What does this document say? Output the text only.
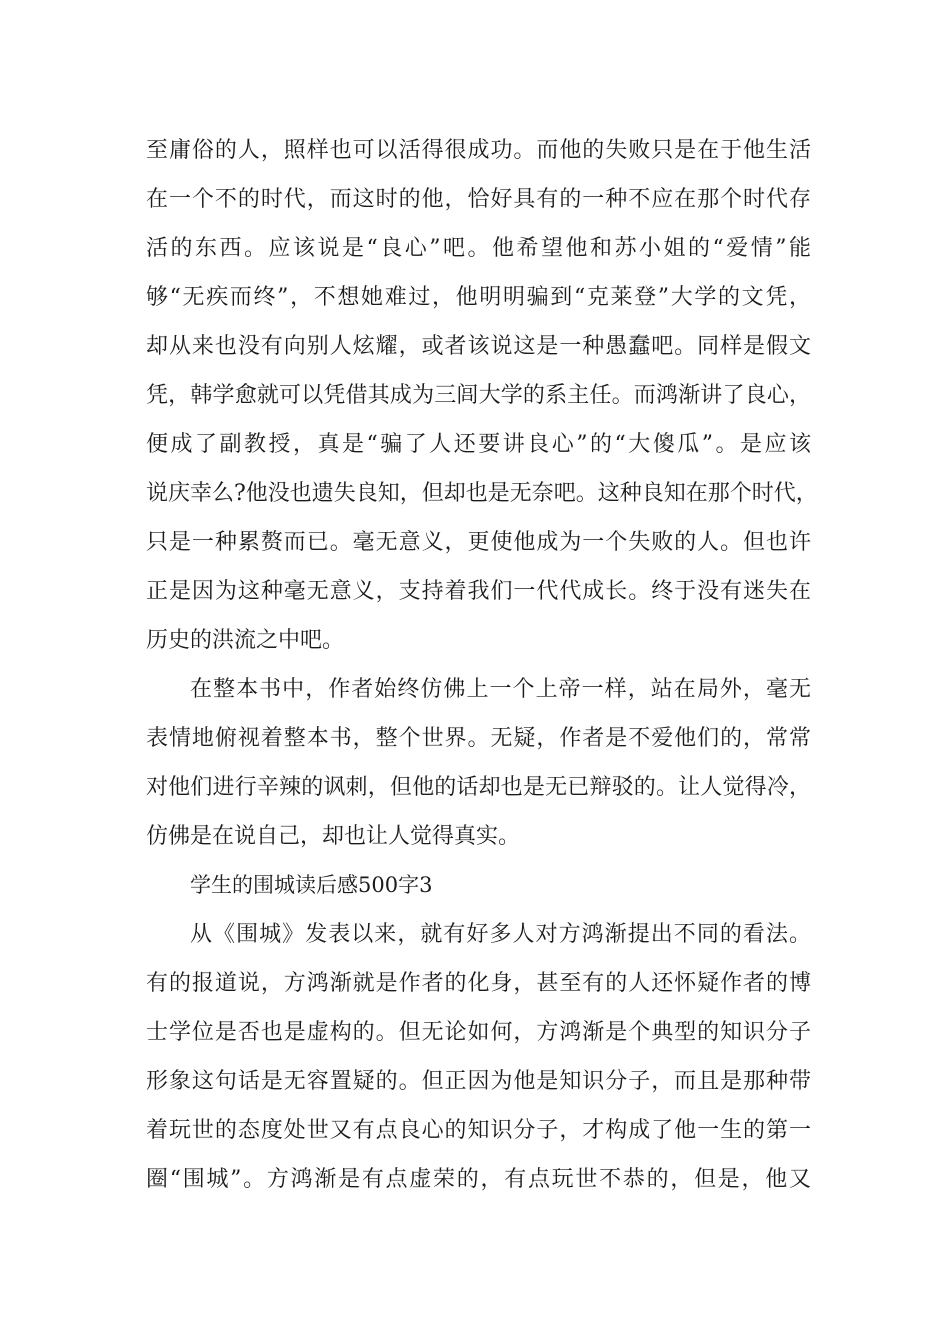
至庸俗的人，照样也可以活得很成功。而他的失败只是在于他生活
在一个不的时代，而这时的他，恰好具有的一种不应在那个时代存
活的东西。应该说是“良心”吧。他希望他和苏小姐的“爱情”能
够“无疾而终”，不想她难过，他明明骗到“克莱登”大学的文凭，
却从来也没有向别人炫耀，或者该说这是一种愚蠢吧。同样是假文
凭，韩学愈就可以凭借其成为三闾大学的系主任。而鸿渐讲了良心，
便成了副教授，真是“骗了人还要讲良心”的“大傻瓜”。是应该
说庆幸么?他没也遗失良知，但却也是无奈吧。这种良知在那个时代，
只是一种累赘而已。毫无意义，更使他成为一个失败的人。但也许
正是因为这种毫无意义，支持着我们一代代成长。终于没有迷失在
历史的洪流之中吧。
在整本书中，作者始终仿佛上一个上帝一样，站在局外，毫无
表情地俯视着整本书，整个世界。无疑，作者是不爱他们的，常常
对他们进行辛辣的讽刺，但他的话却也是无已辩驳的。让人觉得冷，
仿佛是在说自己，却也让人觉得真实。
学生的围城读后感500字3
从《围城》发表以来，就有好多人对方鸿渐提出不同的看法。
有的报道说，方鸿渐就是作者的化身，甚至有的人还怀疑作者的博
士学位是否也是虚构的。但无论如何，方鸿渐是个典型的知识分子
形象这句话是无容置疑的。但正因为他是知识分子，而且是那种带
着玩世的态度处世又有点良心的知识分子，才构成了他一生的第一
圈“围城”。方鸿渐是有点虚荣的，有点玩世不恭的，但是，他又
